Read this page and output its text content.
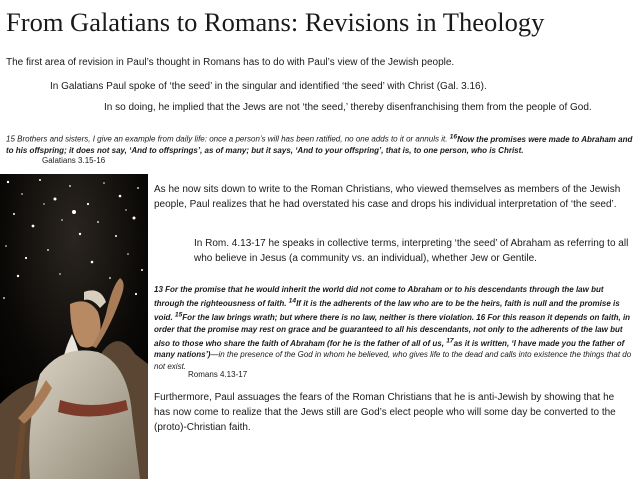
From Galatians to Romans: Revisions in Theology
The first area of revision in Paul’s thought in Romans has to do with Paul’s view of the Jewish people.
In Galatians Paul spoke of ‘the seed’ in the singular and identified ‘the seed’ with Christ (Gal. 3.16).
In so doing, he implied that the Jews are not ‘the seed,’ thereby disenfranchising them from the people of God.
15 Brothers and sisters, I give an example from daily life: once a person’s will has been ratified, no one adds to it or annuls it. $^{16}$Now the promises were made to Abraham and to his offspring; it does not say, ‘And to offsprings’, as of many; but it says, ‘And to your offspring’, that is, to one person, who is Christ.
Galatians 3.15-16
As he now sits down to write to the Roman Christians, who viewed themselves as members of the Jewish people, Paul realizes that he had overstated his case and drops his individual interpretation of ‘the seed’.
In Rom. 4.13-17 he speaks in collective terms, interpreting ‘the seed’ of Abraham as referring to all who believe in Jesus (a community vs. an individual), whether Jew or Gentile.
13 For the promise that he would inherit the world did not come to Abraham or to his descendants through the law but through the righteousness of faith. $^{14}$If it is the adherents of the law who are to be the heirs, faith is null and the promise is void. $^{15}$For the law brings wrath; but where there is no law, neither is there violation. 16 For this reason it depends on faith, in order that the promise may rest on grace and be guaranteed to all his descendants, not only to the adherents of the law but also to those who share the faith of Abraham (for he is the father of all of us, $^{17}$as it is written, ‘I have made you the father of many nations’)—in the presence of the God in whom he believed, who gives life to the dead and calls into existence the things that do not exist.
Romans 4.13-17
Furthermore, Paul assuages the fears of the Roman Christians that he is anti-Jewish by showing that he has now come to realize that the Jews still are God’s elect people who will some day be converted to the (proto)-Christian faith.
